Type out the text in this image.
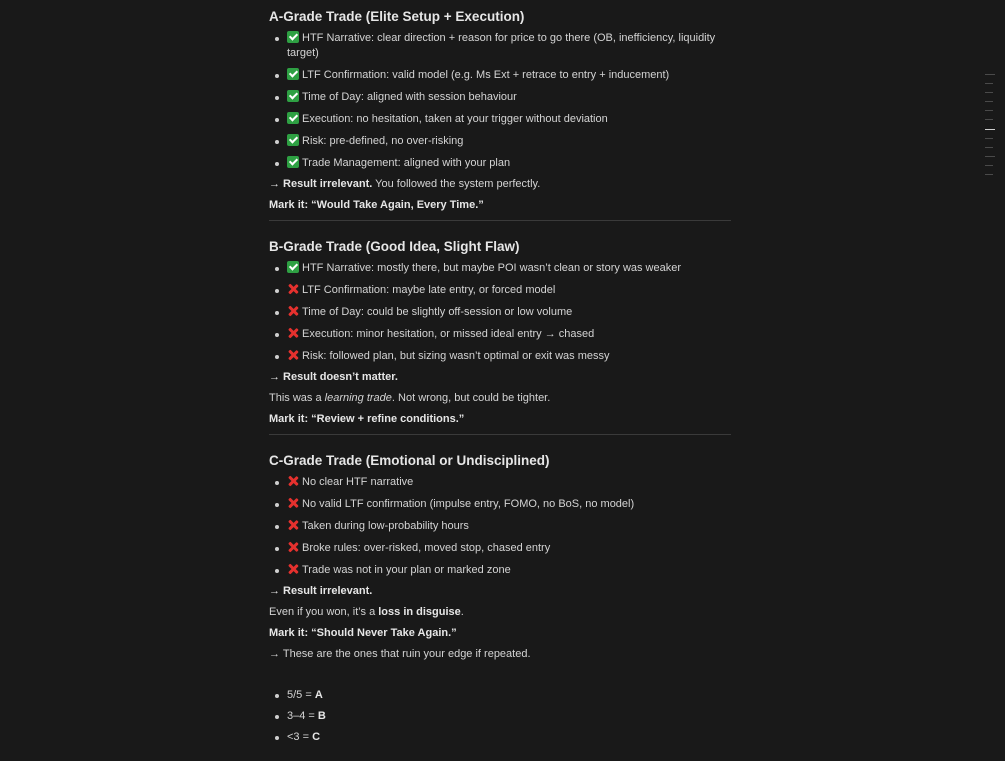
A-Grade Trade (Elite Setup + Execution)
HTF Narrative: clear direction + reason for price to go there (OB, inefficiency, liquidity target)
LTF Confirmation: valid model (e.g. Ms Ext + retrace to entry + inducement)
Time of Day: aligned with session behaviour
Execution: no hesitation, taken at your trigger without deviation
Risk: pre-defined, no over-risking
Trade Management: aligned with your plan

→ Result irrelevant. You followed the system perfectly.

Mark it: “Would Take Again, Every Time.”

B-Grade Trade (Good Idea, Slight Flaw)
HTF Narrative: mostly there, but maybe POI wasn’t clean or story was weaker
LTF Confirmation: maybe late entry, or forced model
Time of Day: could be slightly off-session or low volume
Execution: minor hesitation, or missed ideal entry → chased
Risk: followed plan, but sizing wasn’t optimal or exit was messy

→ Result doesn’t matter.

This was a learning trade. Not wrong, but could be tighter.

Mark it: “Review + refine conditions.”

C-Grade Trade (Emotional or Undisciplined)
No clear HTF narrative
No valid LTF confirmation (impulse entry, FOMO, no BoS, no model)
Taken during low-probability hours
Broke rules: over-risked, moved stop, chased entry
Trade was not in your plan or marked zone

→ Result irrelevant.

Even if you won, it’s a loss in disguise.

Mark it: “Should Never Take Again.”

→ These are the ones that ruin your edge if repeated.

5/5 = A
3–4 = B
<3 = C
